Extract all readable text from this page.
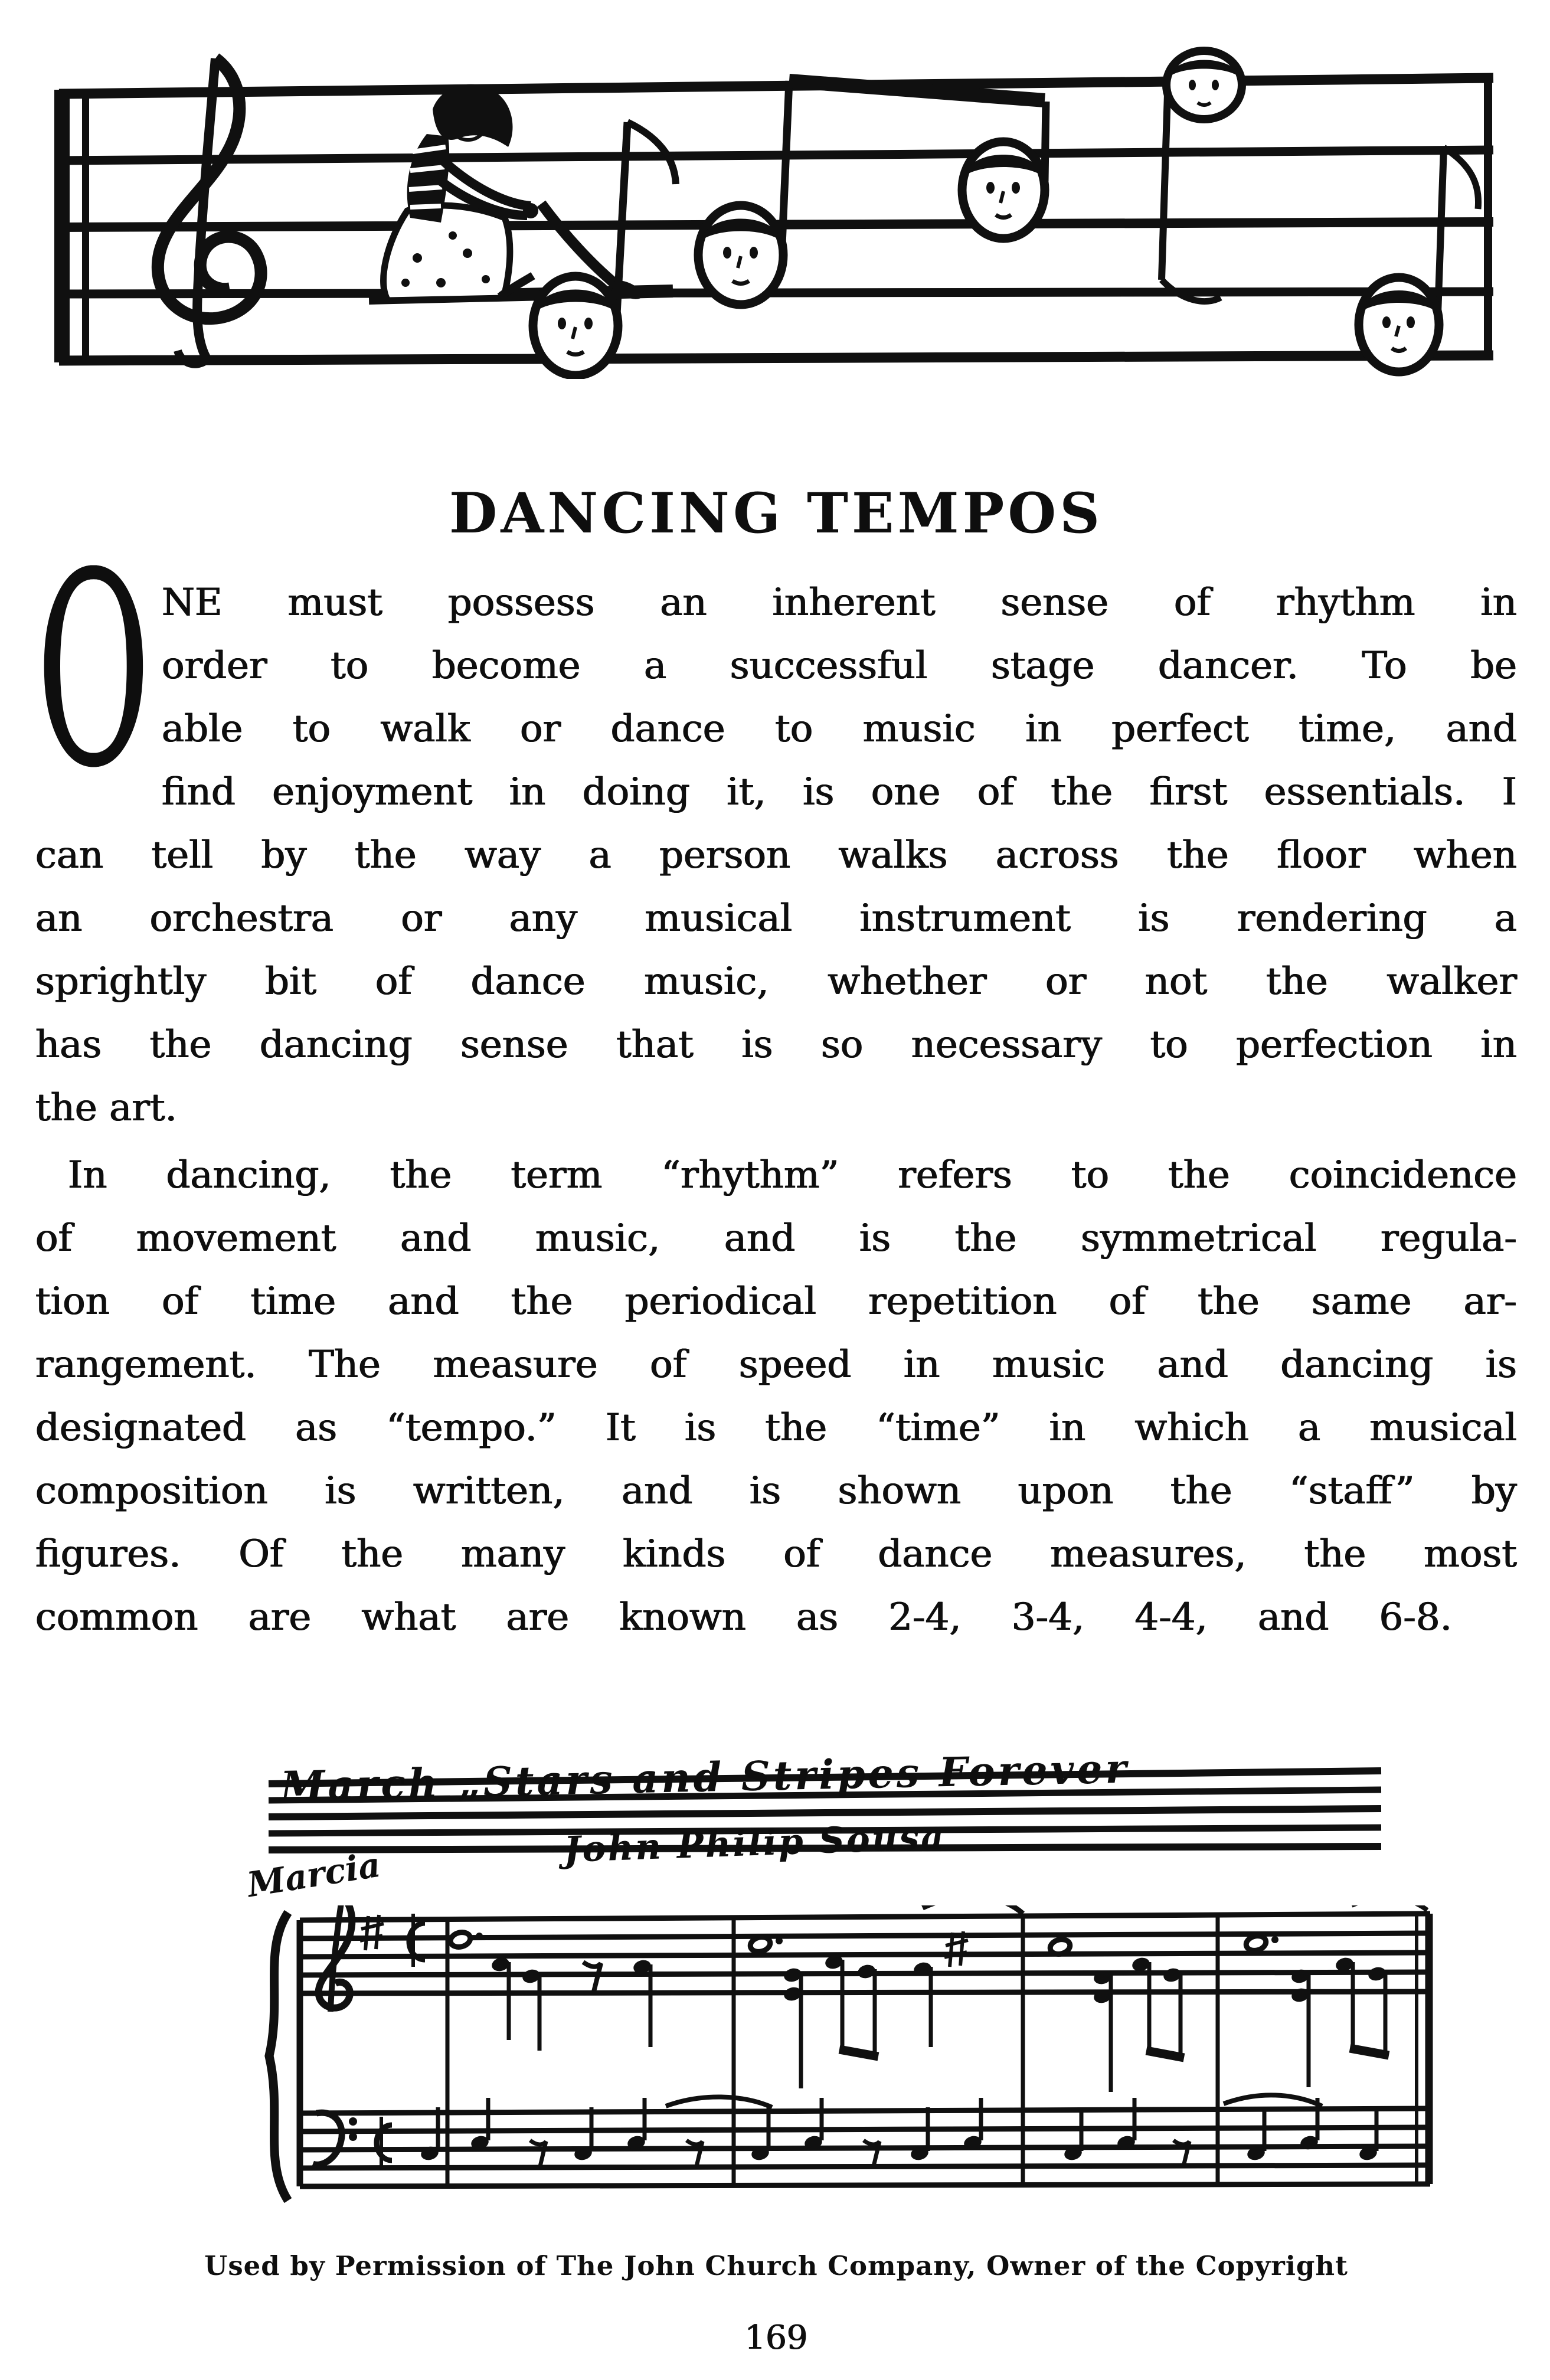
DANCING TEMPOS
O NE must possess an inherent sense of rhythm in
order to become a successful stage dancer. To be
able to walk or dance to music in perfect time, and
find enjoyment in doing it, is one of the first essentials. I
can tell by the way a person walks across the floor when
an orchestra or any musical instrument is rendering a
sprightly bit of dance music, whether or not the walker
has the dancing sense that is so necessary to perfection in
the art.
In dancing, the term “rhythm” refers to the coincidence
of movement and music, and is the symmetrical regula-
tion of time and the periodical repetition of the same ar-
rangement. The measure of speed in music and dancing is
designated as “tempo.” It is the “time” in which a musical
composition is written, and is shown upon the “staff” by
figures. Of the many kinds of dance measures, the most
common are what are known as 2-4, 3-4, 4-4, and 6-8.
March „Stars and Stripes Forever
John Philip Sousa
Marcia
Used by Permission of The John Church Company, Owner of the Copyright
169
